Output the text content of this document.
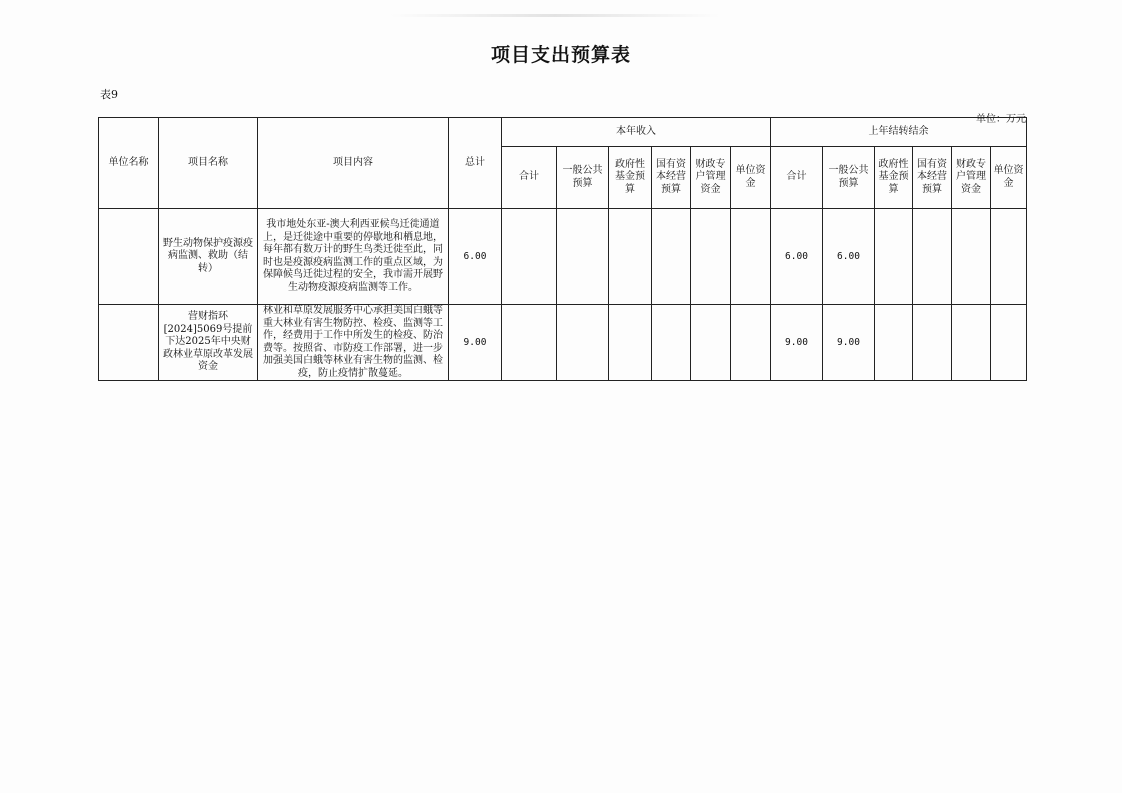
项目支出预算表
表9
单位：万元
单位名称	项目名称	项目内容	总计	本年收入						上年结转结余					
				合计	一般公共预算	政府性基金预算	国有资本经营预算	财政专户管理资金	单位资金	合计	一般公共预算	政府性基金预算	国有资本经营预算	财政专户管理资金	单位资金
	野生动物保护疫源疫病监测、救助（结转）	我市地处东亚-澳大利西亚候鸟迁徙通道上，是迁徙途中重要的停歇地和栖息地，每年都有数万计的野生鸟类迁徙至此，同时也是疫源疫病监测工作的重点区域，为保障候鸟迁徙过程的安全，我市需开展野生动物疫源疫病监测等工作。	6.00							6.00	6.00				
	营财指环[2024]5069号提前下达2025年中央财政林业草原改革发展资金	林业和草原发展服务中心承担美国白蛾等重大林业有害生物防控、检疫、监测等工作，经费用于工作中所发生的检疫、防治费等。按照省、市防疫工作部署，进一步加强美国白蛾等林业有害生物的监测、检疫，防止疫情扩散蔓延。	9.00							9.00	9.00				
